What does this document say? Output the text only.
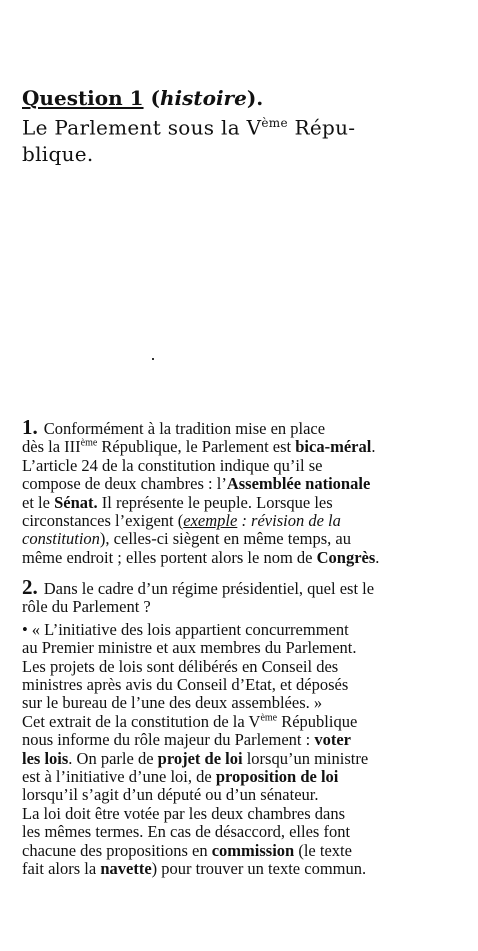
Question 1 (histoire).
Le Parlement sous la Vème Répu-
blique.
1. Conformément à la tradition mise en place
dès la IIIème République, le Parlement est bica-méral.
L’article 24 de la constitution indique qu’il se
compose de deux chambres : l’Assemblée nationale
et le Sénat. Il représente le peuple. Lorsque les
circonstances l’exigent (exemple : révision de la
constitution), celles-ci siègent en même temps, au
même endroit ; elles portent alors le nom de Congrès.
2. Dans le cadre d’un régime présidentiel, quel est le
rôle du Parlement ?
• « L’initiative des lois appartient concurremment
au Premier ministre et aux membres du Parlement.
Les projets de lois sont délibérés en Conseil des
ministres après avis du Conseil d’Etat, et déposés
sur le bureau de l’une des deux assemblées. »
Cet extrait de la constitution de la Vème République
nous informe du rôle majeur du Parlement : voter
les lois. On parle de projet de loi lorsqu’un ministre
est à l’initiative d’une loi, de proposition de loi
lorsqu’il s’agit d’un député ou d’un sénateur.
La loi doit être votée par les deux chambres dans
les mêmes termes. En cas de désaccord, elles font
chacune des propositions en commission (le texte
fait alors la navette) pour trouver un texte commun.
